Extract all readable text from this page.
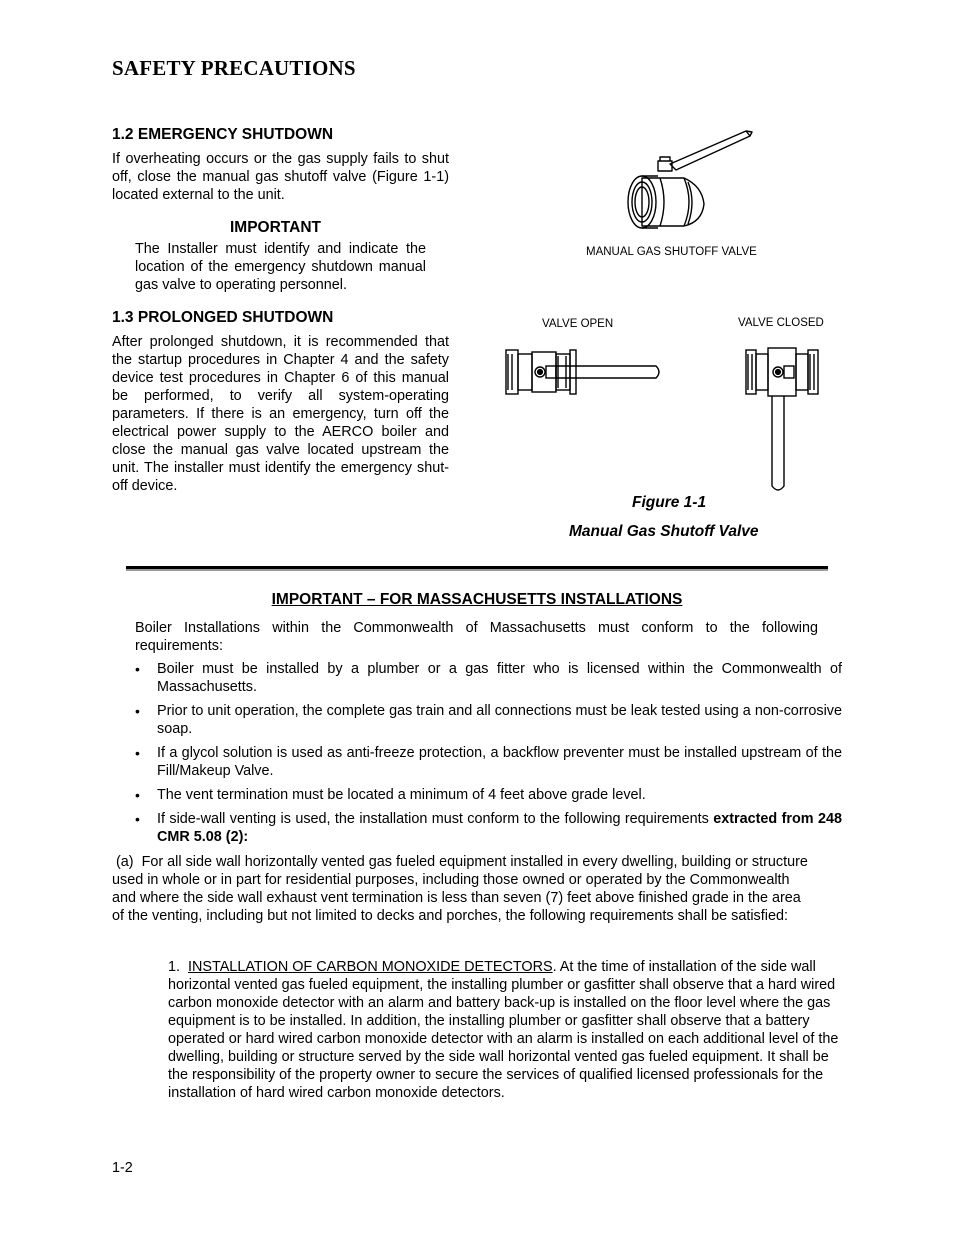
SAFETY PRECAUTIONS
1.2 EMERGENCY SHUTDOWN
If overheating occurs or the gas supply fails to shut off, close the manual gas shutoff valve (Figure 1-1) located external to the unit.
IMPORTANT
The Installer must identify and indicate the location of the emergency shutdown manual gas valve to operating personnel.
1.3 PROLONGED SHUTDOWN
After prolonged shutdown, it is recommended that the startup procedures in Chapter 4 and the safety device test procedures in Chapter 6 of this manual be performed, to verify all system-operating parameters. If there is an emergency, turn off the electrical power supply to the AERCO boiler and close the manual gas valve located upstream the unit. The installer must identify the emergency shut-off device.
MANUAL GAS SHUTOFF VALVE
VALVE OPEN	VALVE CLOSED
Figure 1-1
Manual Gas Shutoff Valve
IMPORTANT – FOR MASSACHUSETTS INSTALLATIONS
Boiler Installations within the Commonwealth of Massachusetts must conform to the following requirements:
• Boiler must be installed by a plumber or a gas fitter who is licensed within the Commonwealth of Massachusetts.
• Prior to unit operation, the complete gas train and all connections must be leak tested using a non-corrosive soap.
• If a glycol solution is used as anti-freeze protection, a backflow preventer must be installed upstream of the Fill/Makeup Valve.
• The vent termination must be located a minimum of 4 feet above grade level.
• If side-wall venting is used, the installation must conform to the following requirements extracted from 248 CMR 5.08 (2):
(a)  For all side wall horizontally vented gas fueled equipment installed in every dwelling, building or structure used in whole or in part for residential purposes, including those owned or operated by the Commonwealth and where the side wall exhaust vent termination is less than seven (7) feet above finished grade in the area of the venting, including but not limited to decks and porches, the following requirements shall be satisfied:
1.  INSTALLATION OF CARBON MONOXIDE DETECTORS. At the time of installation of the side wall horizontal vented gas fueled equipment, the installing plumber or gasfitter shall observe that a hard wired carbon monoxide detector with an alarm and battery back-up is installed on the floor level where the gas equipment is to be installed. In addition, the installing plumber or gasfitter shall observe that a battery operated or hard wired carbon monoxide detector with an alarm is installed on each additional level of the dwelling, building or structure served by the side wall horizontal vented gas fueled equipment. It shall be the responsibility of the property owner to secure the services of qualified licensed professionals for the installation of hard wired carbon monoxide detectors.
1-2
